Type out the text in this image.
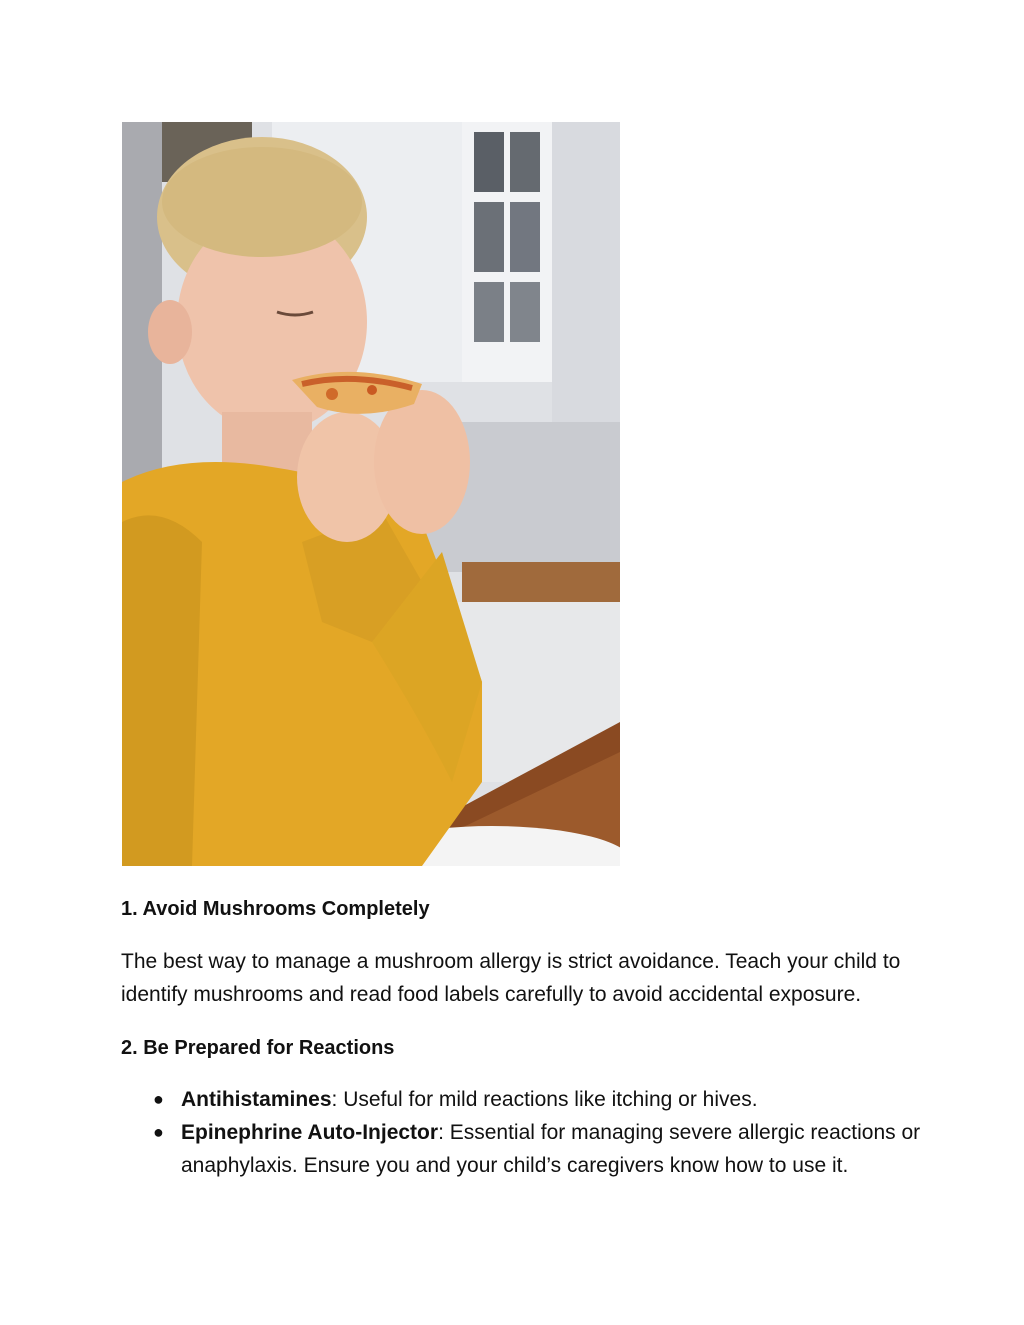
1. Avoid Mushrooms Completely
The best way to manage a mushroom allergy is strict avoidance. Teach your child to identify mushrooms and read food labels carefully to avoid accidental exposure.
2. Be Prepared for Reactions
● Antihistamines: Useful for mild reactions like itching or hives.
● Epinephrine Auto-Injector: Essential for managing severe allergic reactions or anaphylaxis. Ensure you and your child’s caregivers know how to use it.
